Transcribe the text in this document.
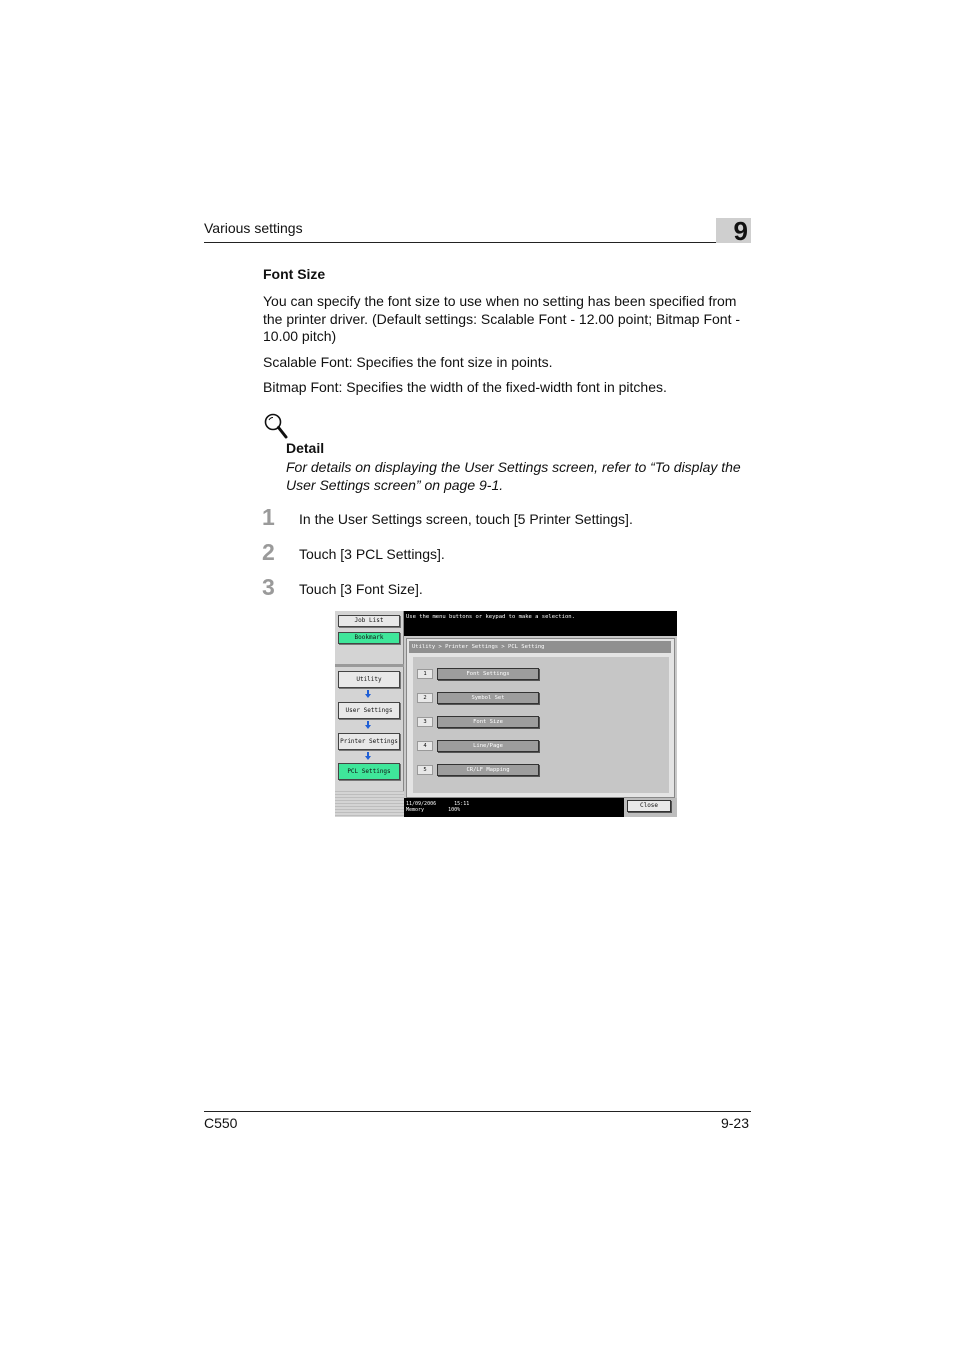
Various settings	9
Font Size
You can specify the font size to use when no setting has been specified from the printer driver. (Default settings: Scalable Font - 12.00 point; Bitmap Font - 10.00 pitch)
Scalable Font: Specifies the font size in points.
Bitmap Font: Specifies the width of the fixed-width font in pitches.
Detail
For details on displaying the User Settings screen, refer to “To display the User Settings screen” on page 9-1.
1 In the User Settings screen, touch [5 Printer Settings].
2 Touch [3 PCL Settings].
3 Touch [3 Font Size].
Job List
Bookmark
Utility
User Settings
Printer Settings
PCL Settings
Use the menu buttons or keypad to make a selection.
Utility > Printer Settings > PCL Setting
1	Font Settings
2	Symbol Set
3	Font Size
4	Line/Page
5	CR/LF Mapping
11/09/2006	15:11
Memory	100%
Close
C550	9-23
